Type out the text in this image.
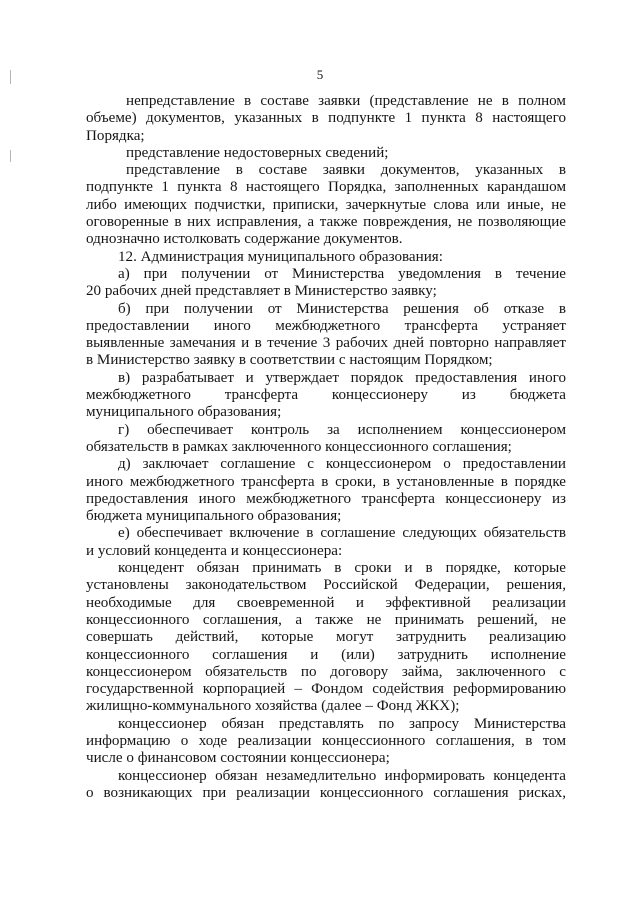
5
непредставление в составе заявки (представление не в полном
объеме) документов, указанных в подпункте 1 пункта 8 настоящего
Порядка;
представление недостоверных сведений;
представление в составе заявки документов, указанных в
подпункте 1 пункта 8 настоящего Порядка, заполненных карандашом
либо имеющих подчистки, приписки, зачеркнутые слова или иные, не
оговоренные в них исправления, а также повреждения, не позволяющие
однозначно истолковать содержание документов.
12. Администрация муниципального образования:
а) при получении от Министерства уведомления в течение
20 рабочих дней представляет в Министерство заявку;
б) при получении от Министерства решения об отказе в
предоставлении иного межбюджетного трансферта устраняет
выявленные замечания и в течение 3 рабочих дней повторно направляет
в Министерство заявку в соответствии с настоящим Порядком;
в) разрабатывает и утверждает порядок предоставления иного
межбюджетного трансферта концессионеру из бюджета
муниципального образования;
г) обеспечивает контроль за исполнением концессионером
обязательств в рамках заключенного концессионного соглашения;
д) заключает соглашение с концессионером о предоставлении
иного межбюджетного трансферта в сроки, в установленные в порядке
предоставления иного межбюджетного трансферта концессионеру из
бюджета муниципального образования;
е) обеспечивает включение в соглашение следующих обязательств
и условий концедента и концессионера:
концедент обязан принимать в сроки и в порядке, которые
установлены законодательством Российской Федерации, решения,
необходимые для своевременной и эффективной реализации
концессионного соглашения, а также не принимать решений, не
совершать действий, которые могут затруднить реализацию
концессионного соглашения и (или) затруднить исполнение
концессионером обязательств по договору займа, заключенного с
государственной корпорацией – Фондом содействия реформированию
жилищно-коммунального хозяйства (далее – Фонд ЖКХ);
концессионер обязан представлять по запросу Министерства
информацию о ходе реализации концессионного соглашения, в том
числе о финансовом состоянии концессионера;
концессионер обязан незамедлительно информировать концедента
о возникающих при реализации концессионного соглашения рисках,
